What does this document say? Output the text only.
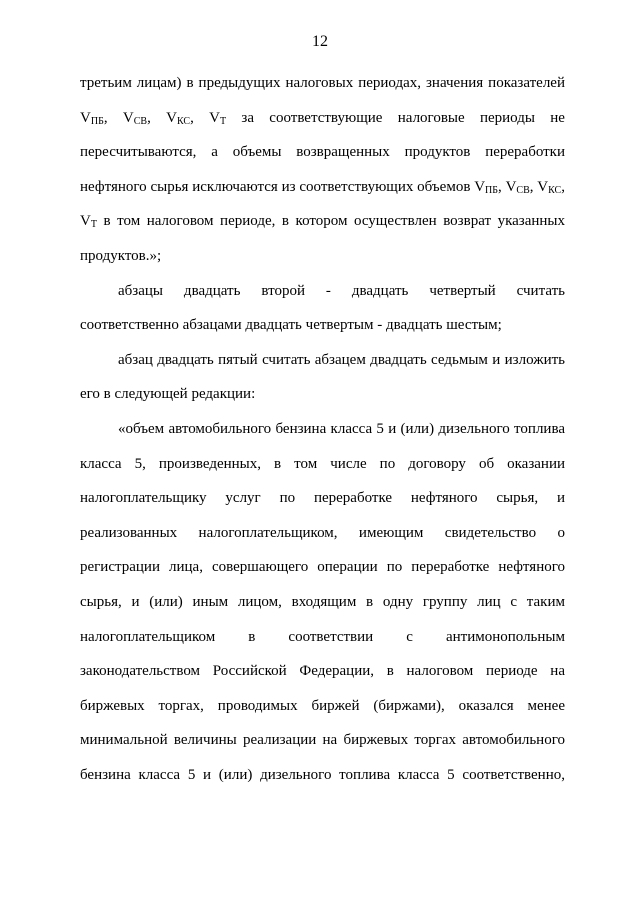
12

третьим лицам) в предыдущих налоговых периодах, значения показателей
$V_{ПБ}$, $V_{СВ}$, $V_{КС}$, $V_Т$ за соответствующие налоговые периоды не
пересчитываются, а объемы возвращенных продуктов переработки
нефтяного сырья исключаются из соответствующих объемов $V_{ПБ}$, $V_{СВ}$, $V_{КС}$,
$V_Т$ в том налоговом периоде, в котором осуществлен возврат указанных
продуктов.»;

абзацы двадцать второй - двадцать четвертый считать
соответственно абзацами двадцать четвертым - двадцать шестым;

абзац двадцать пятый считать абзацем двадцать седьмым и изложить
его в следующей редакции:

«объем автомобильного бензина класса 5 и (или) дизельного топлива
класса 5, произведенных, в том числе по договору об оказании
налогоплательщику услуг по переработке нефтяного сырья, и
реализованных налогоплательщиком, имеющим свидетельство о
регистрации лица, совершающего операции по переработке нефтяного
сырья, и (или) иным лицом, входящим в одну группу лиц с таким
налогоплательщиком в соответствии с антимонопольным
законодательством Российской Федерации, в налоговом периоде на
биржевых торгах, проводимых биржей (биржами), оказался менее
минимальной величины реализации на биржевых торгах автомобильного
бензина класса 5 и (или) дизельного топлива класса 5 соответственно,
